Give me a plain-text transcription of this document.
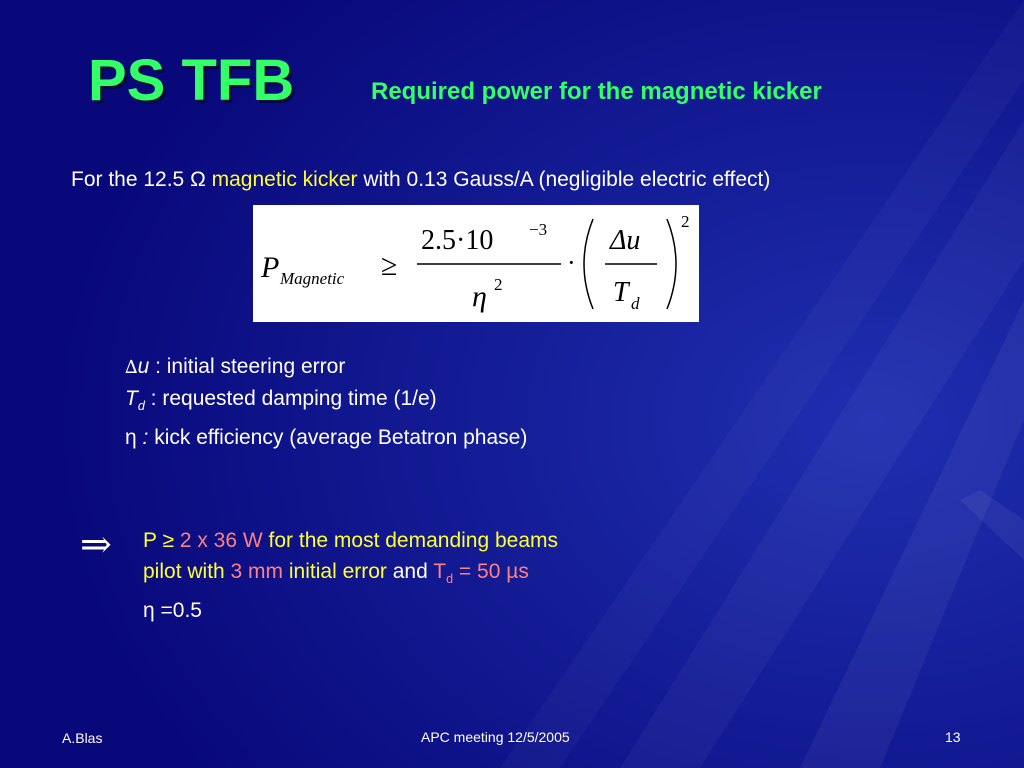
PS TFB	Required power for the magnetic kicker
For the 12.5 Ω magnetic kicker with 0.13 Gauss/A (negligible electric effect)
P Magnetic ≥
2.5·10 −3
η 2
·
Δu
T d
2
∆u : initial steering error
$T_d$ : requested damping time (1/e)
η : kick efficiency (average Betatron phase)
⇒ P ≥ 2 x 36 W for the most demanding beams
pilot with 3 mm initial error and $T_d = 50$ µs
η =0.5
A.Blas	APC meeting 12/5/2005	13
